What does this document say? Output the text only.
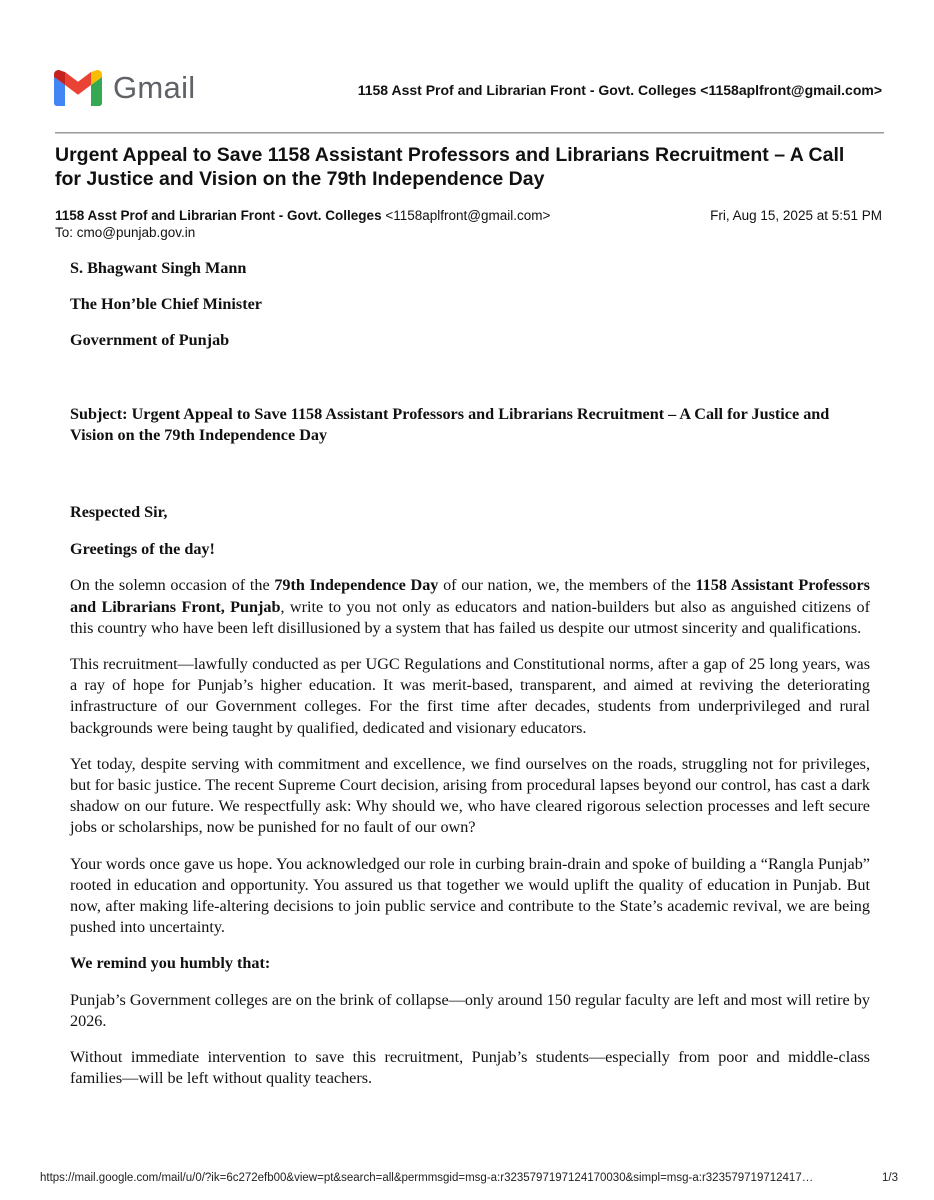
Gmail	1158 Asst Prof and Librarian Front - Govt. Colleges <1158aplfront@gmail.com>
Urgent Appeal to Save 1158 Assistant Professors and Librarians Recruitment – A Call for Justice and Vision on the 79th Independence Day
1158 Asst Prof and Librarian Front - Govt. Colleges <1158aplfront@gmail.com>	Fri, Aug 15, 2025 at 5:51 PM
To: cmo@punjab.gov.in

S. Bhagwant Singh Mann

The Hon’ble Chief Minister

Government of Punjab

Subject: Urgent Appeal to Save 1158 Assistant Professors and Librarians Recruitment – A Call for Justice and Vision on the 79th Independence Day

Respected Sir,

Greetings of the day!

On the solemn occasion of the 79th Independence Day of our nation, we, the members of the 1158 Assistant Professors and Librarians Front, Punjab, write to you not only as educators and nation-builders but also as anguished citizens of this country who have been left disillusioned by a system that has failed us despite our utmost sincerity and qualifications.

This recruitment—lawfully conducted as per UGC Regulations and Constitutional norms, after a gap of 25 long years, was a ray of hope for Punjab’s higher education. It was merit-based, transparent, and aimed at reviving the deteriorating infrastructure of our Government colleges. For the first time after decades, students from underprivileged and rural backgrounds were being taught by qualified, dedicated and visionary educators.

Yet today, despite serving with commitment and excellence, we find ourselves on the roads, struggling not for privileges, but for basic justice. The recent Supreme Court decision, arising from procedural lapses beyond our control, has cast a dark shadow on our future. We respectfully ask: Why should we, who have cleared rigorous selection processes and left secure jobs or scholarships, now be punished for no fault of our own?

Your words once gave us hope. You acknowledged our role in curbing brain-drain and spoke of building a “Rangla Punjab” rooted in education and opportunity. You assured us that together we would uplift the quality of education in Punjab. But now, after making life-altering decisions to join public service and contribute to the State’s academic revival, we are being pushed into uncertainty.

We remind you humbly that:

Punjab’s Government colleges are on the brink of collapse—only around 150 regular faculty are left and most will retire by 2026.

Without immediate intervention to save this recruitment, Punjab’s students—especially from poor and middle-class families—will be left without quality teachers.

https://mail.google.com/mail/u/0/?ik=6c272efb00&view=pt&search=all&permmsgid=msg-a:r3235797197124170030&simpl=msg-a:r323579719712417…	1/3
